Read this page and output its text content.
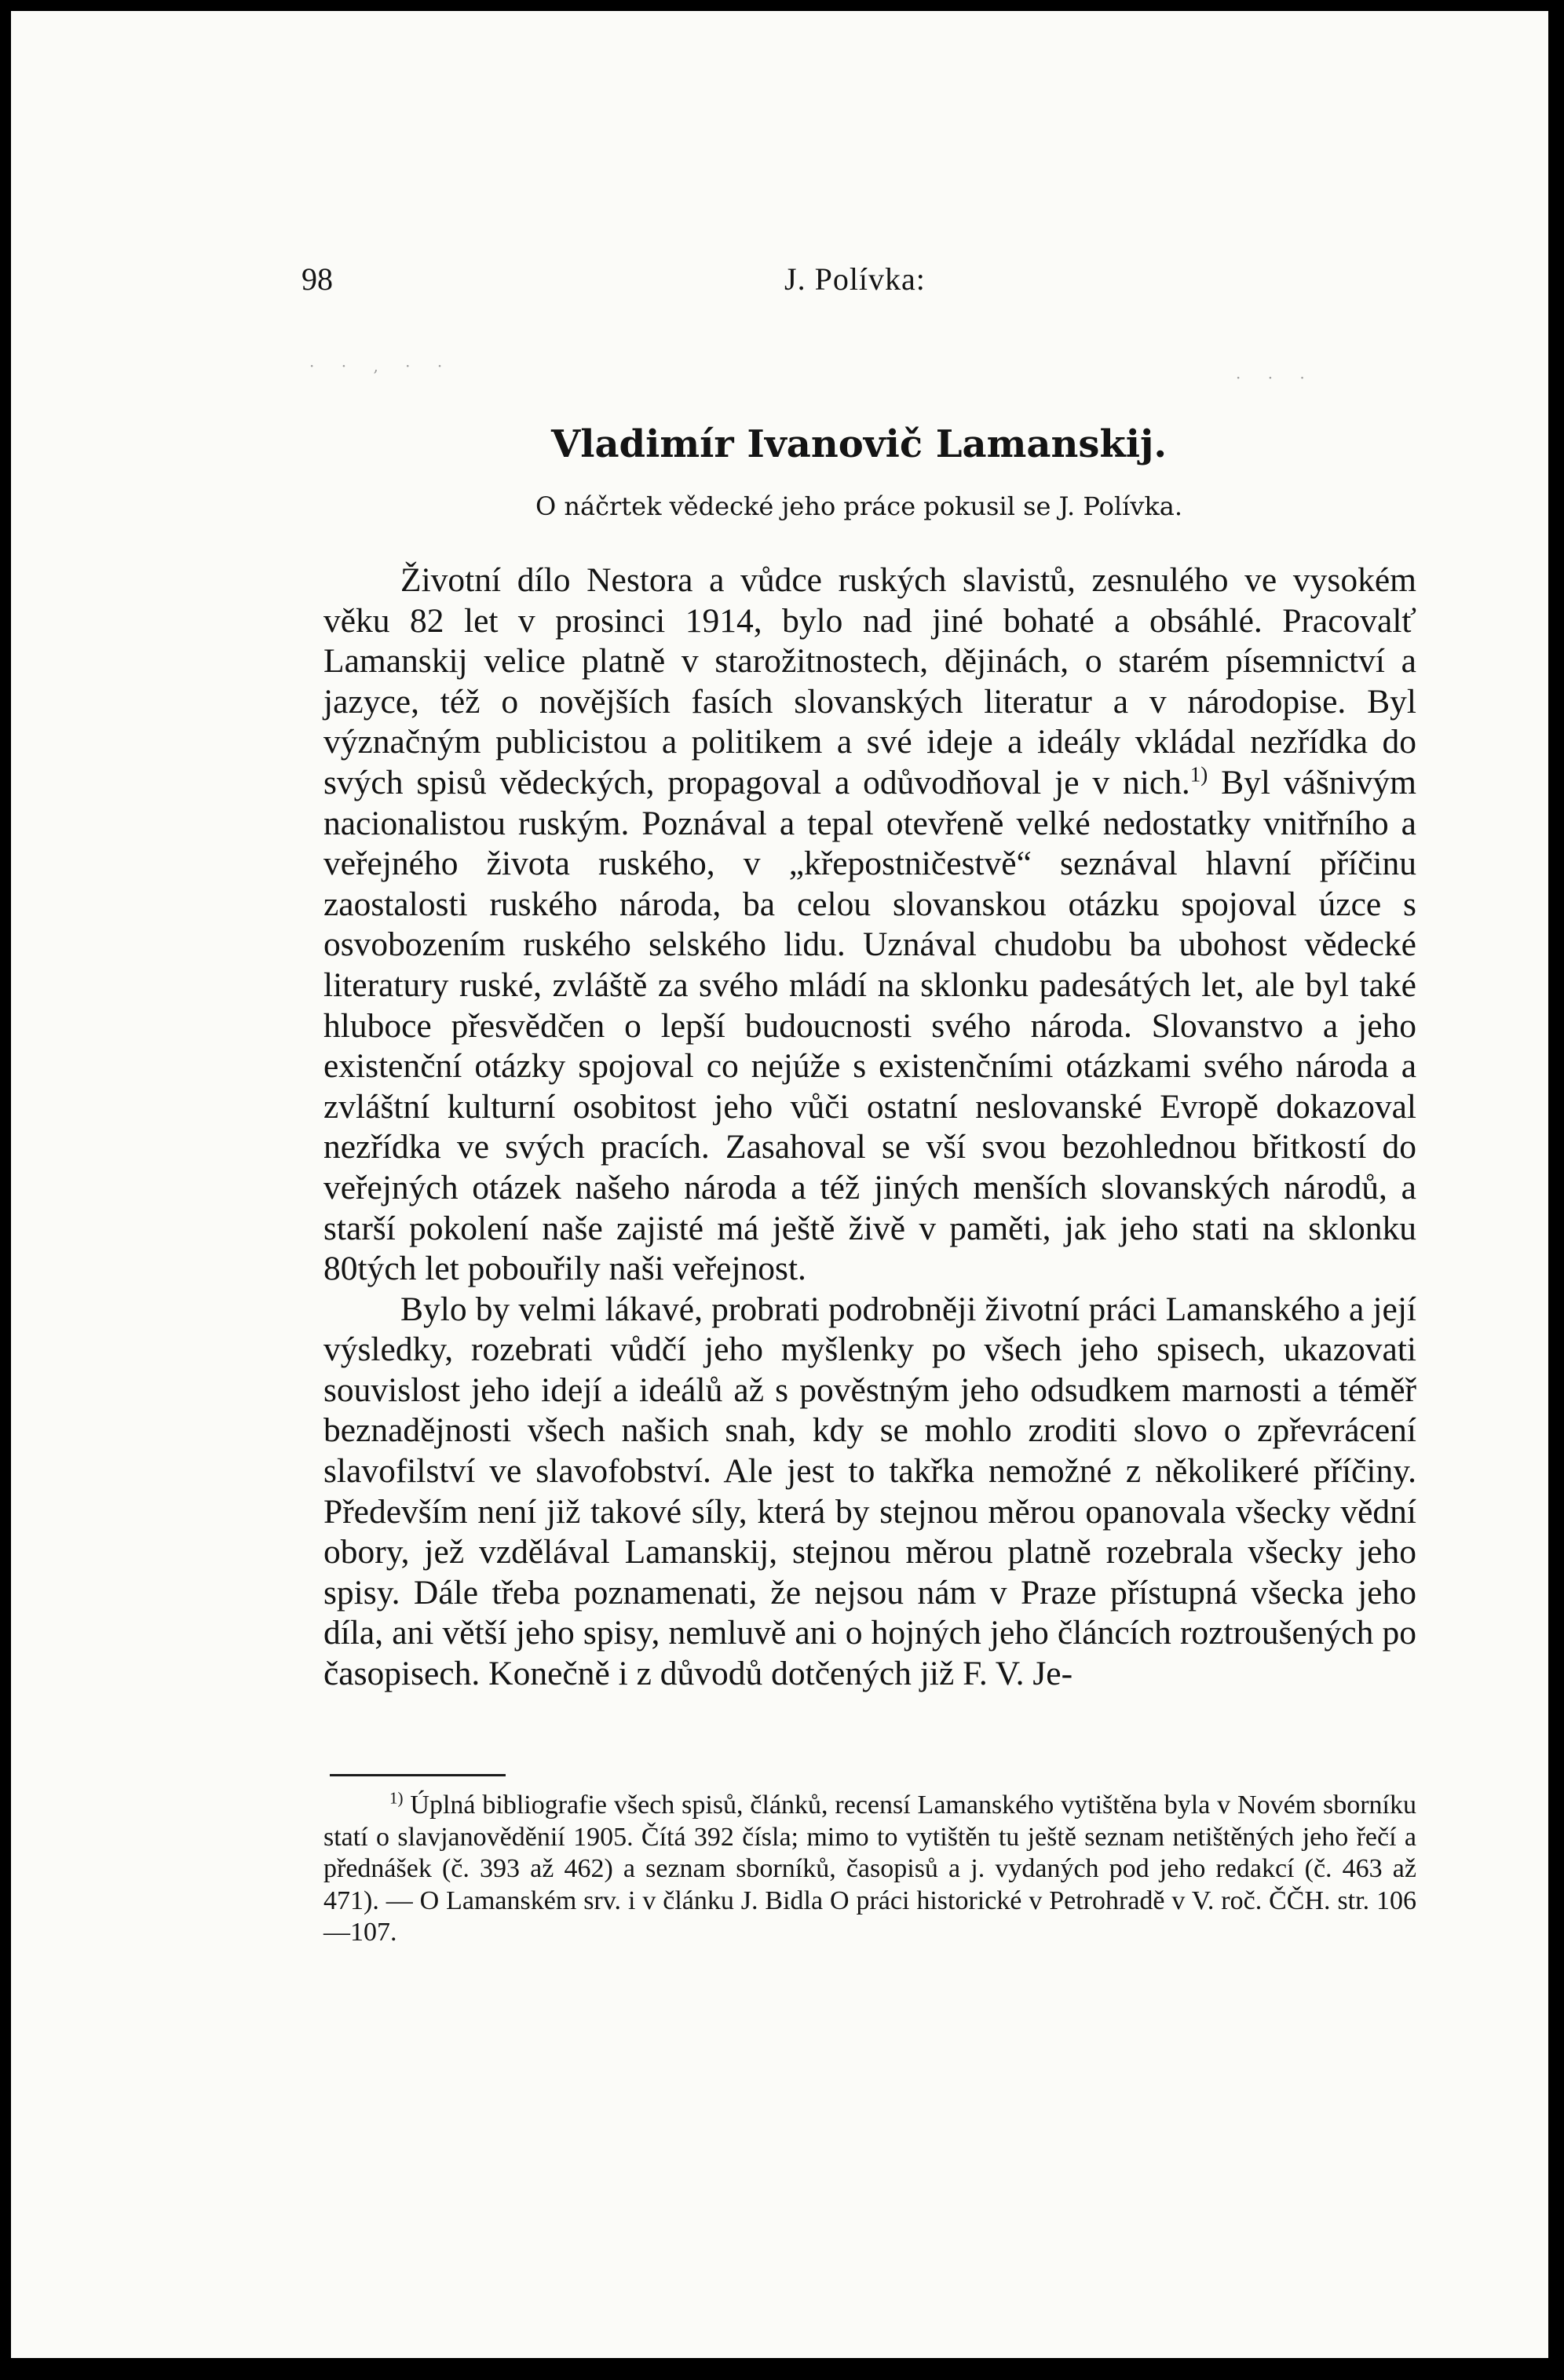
· · ‚ · ·
· · ·
98	J. Polívka:
Vladimír Ivanovič Lamanskij.
O náčrtek vědecké jeho práce pokusil se J. Polívka.

Životní dílo Nestora a vůdce ruských slavistů, zesnulého ve vysokém věku 82 let v prosinci 1914, bylo nad jiné bohaté a obsáhlé. Pracovalť Lamanskij velice platně v starožitnostech, dějinách, o starém písemnictví a jazyce, též o novějších fasích slovanských literatur a v národopise. Byl význačným publicistou a politikem a své ideje a ideály vkládal nezřídka do svých spisů vědeckých, propagoval a odůvodňoval je v nich.$^{1)}$ Byl vášnivým nacionalistou ruským. Poznával a tepal otevřeně velké nedostatky vnitřního a veřejného života ruského, v „křepostničestvě“ seznával hlavní příčinu zaostalosti ruského národa, ba celou slovanskou otázku spojoval úzce s osvobozením ruského selského lidu. Uznával chudobu ba ubohost vědecké literatury ruské, zvláště za svého mládí na sklonku padesátých let, ale byl také hluboce přesvědčen o lepší budoucnosti svého národa. Slovanstvo a jeho existenční otázky spojoval co nejúže s existenčními otázkami svého národa a zvláštní kulturní osobitost jeho vůči ostatní neslovanské Evropě dokazoval nezřídka ve svých pracích. Zasahoval se vší svou bezohlednou břitkostí do veřejných otázek našeho národa a též jiných menších slovanských národů, a starší pokolení naše zajisté má ještě živě v paměti, jak jeho stati na sklonku 80tých let pobouřily naši veřejnost.

Bylo by velmi lákavé, probrati podrobněji životní práci Lamanského a její výsledky, rozebrati vůdčí jeho myšlenky po všech jeho spisech, ukazovati souvislost jeho idejí a ideálů až s pověstným jeho odsudkem marnosti a téměř beznadějnosti všech našich snah, kdy se mohlo zroditi slovo o zpřevrácení slavofilství ve slavofobství. Ale jest to takřka nemožné z několikeré příčiny. Především není již takové síly, která by stejnou měrou opanovala všecky vědní obory, jež vzdělával Lamanskij, stejnou měrou platně rozebrala všecky jeho spisy. Dále třeba poznamenati, že nejsou nám v Praze přístupná všecka jeho díla, ani větší jeho spisy, nemluvě ani o hojných jeho článcích roztroušených po časopisech. Konečně i z důvodů dotčených již F. V. Je-

$^{1)}$ Úplná bibliografie všech spisů, článků, recensí Lamanského vytištěna byla v Novém sborníku statí o slavjanověděnií 1905. Čítá 392 čísla; mimo to vytištěn tu ještě seznam netištěných jeho řečí a přednášek (č. 393 až 462) a seznam sborníků, časopisů a j. vydaných pod jeho redakcí (č. 463 až 471). — O Lamanském srv. i v článku J. Bidla O práci historické v Petrohradě v V. roč. ČČH. str. 106—107.
